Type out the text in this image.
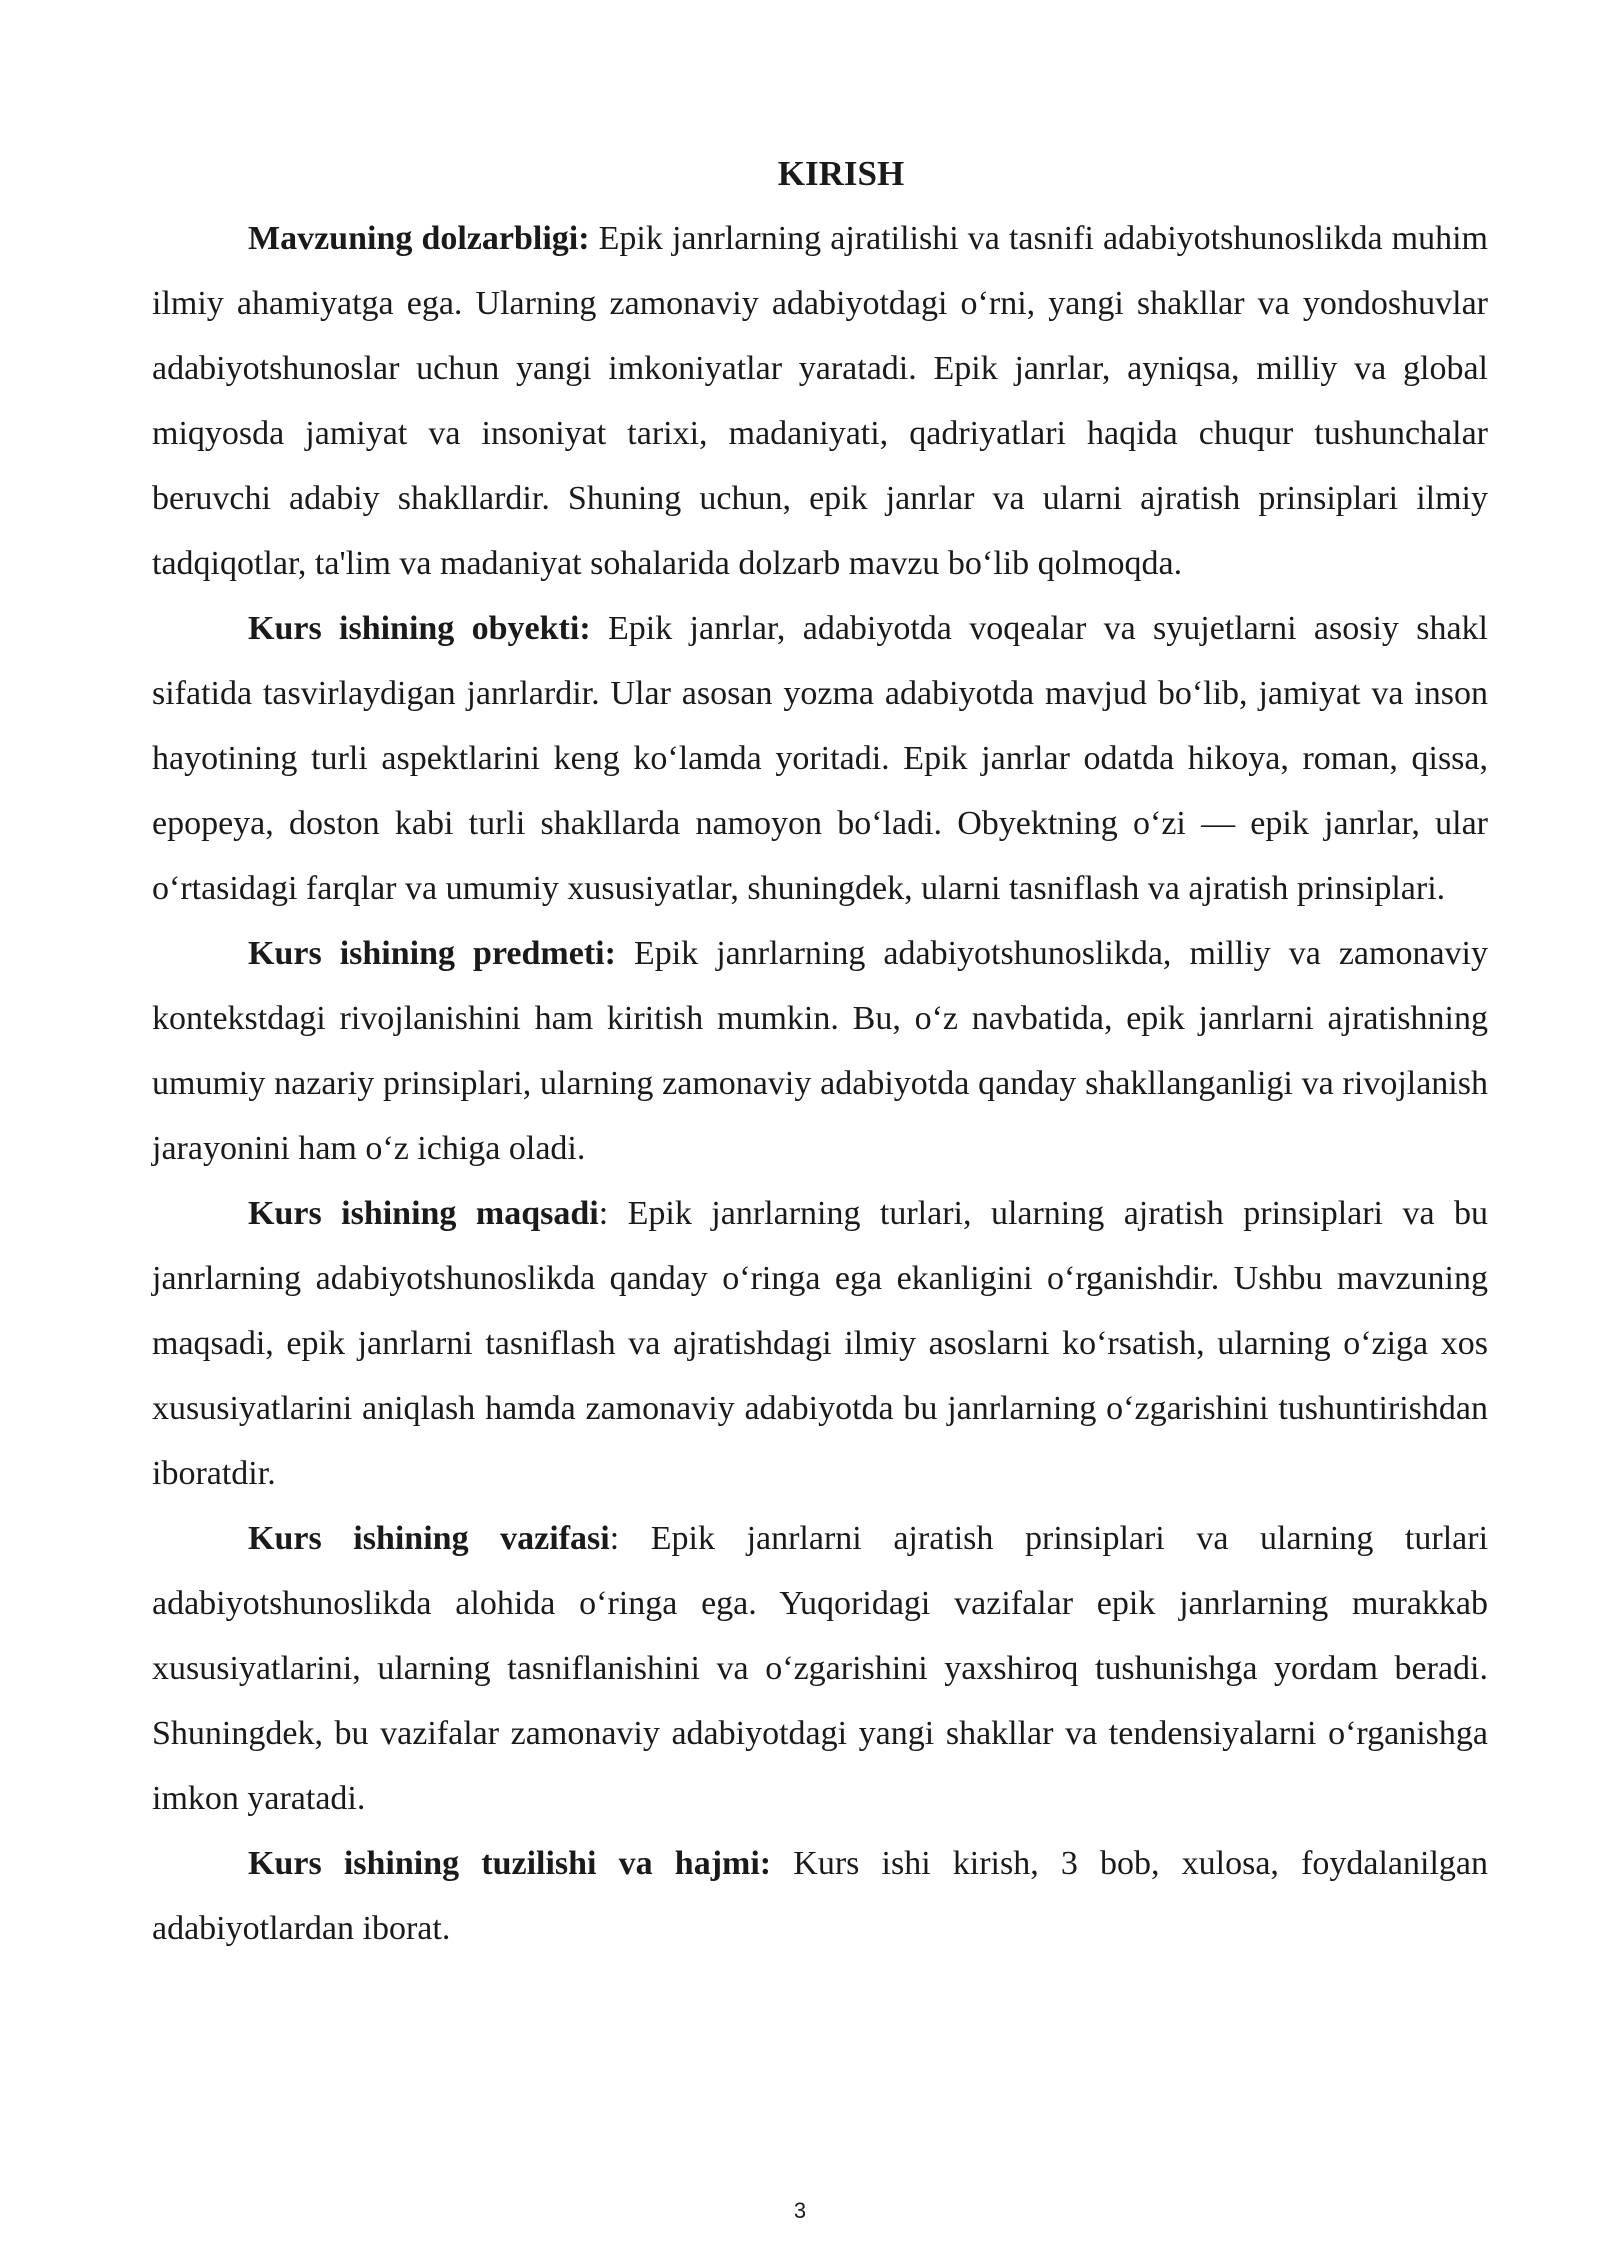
KIRISH

Mavzuning dolzarbligi: Epik janrlarning ajratilishi va tasnifi adabiyotshunoslikda muhim ilmiy ahamiyatga ega. Ularning zamonaviy adabiyotdagi o‘rni, yangi shakllar va yondoshuvlar adabiyotshunoslar uchun yangi imkoniyatlar yaratadi. Epik janrlar, ayniqsa, milliy va global miqyosda jamiyat va insoniyat tarixi, madaniyati, qadriyatlari haqida chuqur tushunchalar beruvchi adabiy shakllardir. Shuning uchun, epik janrlar va ularni ajratish prinsiplari ilmiy tadqiqotlar, ta'lim va madaniyat sohalarida dolzarb mavzu bo‘lib qolmoqda.

Kurs ishining obyekti: Epik janrlar, adabiyotda voqealar va syujetlarni asosiy shakl sifatida tasvirlaydigan janrlardir. Ular asosan yozma adabiyotda mavjud bo‘lib, jamiyat va inson hayotining turli aspektlarini keng ko‘lamda yoritadi. Epik janrlar odatda hikoya, roman, qissa, epopeya, doston kabi turli shakllarda namoyon bo‘ladi. Obyektning o‘zi — epik janrlar, ular o‘rtasidagi farqlar va umumiy xususiyatlar, shuningdek, ularni tasniflash va ajratish prinsiplari.

Kurs ishining predmeti: Epik janrlarning adabiyotshunoslikda, milliy va zamonaviy kontekstdagi rivojlanishini ham kiritish mumkin. Bu, o‘z navbatida, epik janrlarni ajratishning umumiy nazariy prinsiplari, ularning zamonaviy adabiyotda qanday shakllanganligi va rivojlanish jarayonini ham o‘z ichiga oladi.

Kurs ishining maqsadi: Epik janrlarning turlari, ularning ajratish prinsiplari va bu janrlarning adabiyotshunoslikda qanday o‘ringa ega ekanligini o‘rganishdir. Ushbu mavzuning maqsadi, epik janrlarni tasniflash va ajratishdagi ilmiy asoslarni ko‘rsatish, ularning o‘ziga xos xususiyatlarini aniqlash hamda zamonaviy adabiyotda bu janrlarning o‘zgarishini tushuntirishdan iboratdir.

Kurs ishining vazifasi: Epik janrlarni ajratish prinsiplari va ularning turlari adabiyotshunoslikda alohida o‘ringa ega. Yuqoridagi vazifalar epik janrlarning murakkab xususiyatlarini, ularning tasniflanishini va o‘zgarishini yaxshiroq tushunishga yordam beradi. Shuningdek, bu vazifalar zamonaviy adabiyotdagi yangi shakllar va tendensiyalarni o‘rganishga imkon yaratadi.

Kurs ishining tuzilishi va hajmi: Kurs ishi kirish, 3 bob, xulosa, foydalanilgan adabiyotlardan iborat.

3
